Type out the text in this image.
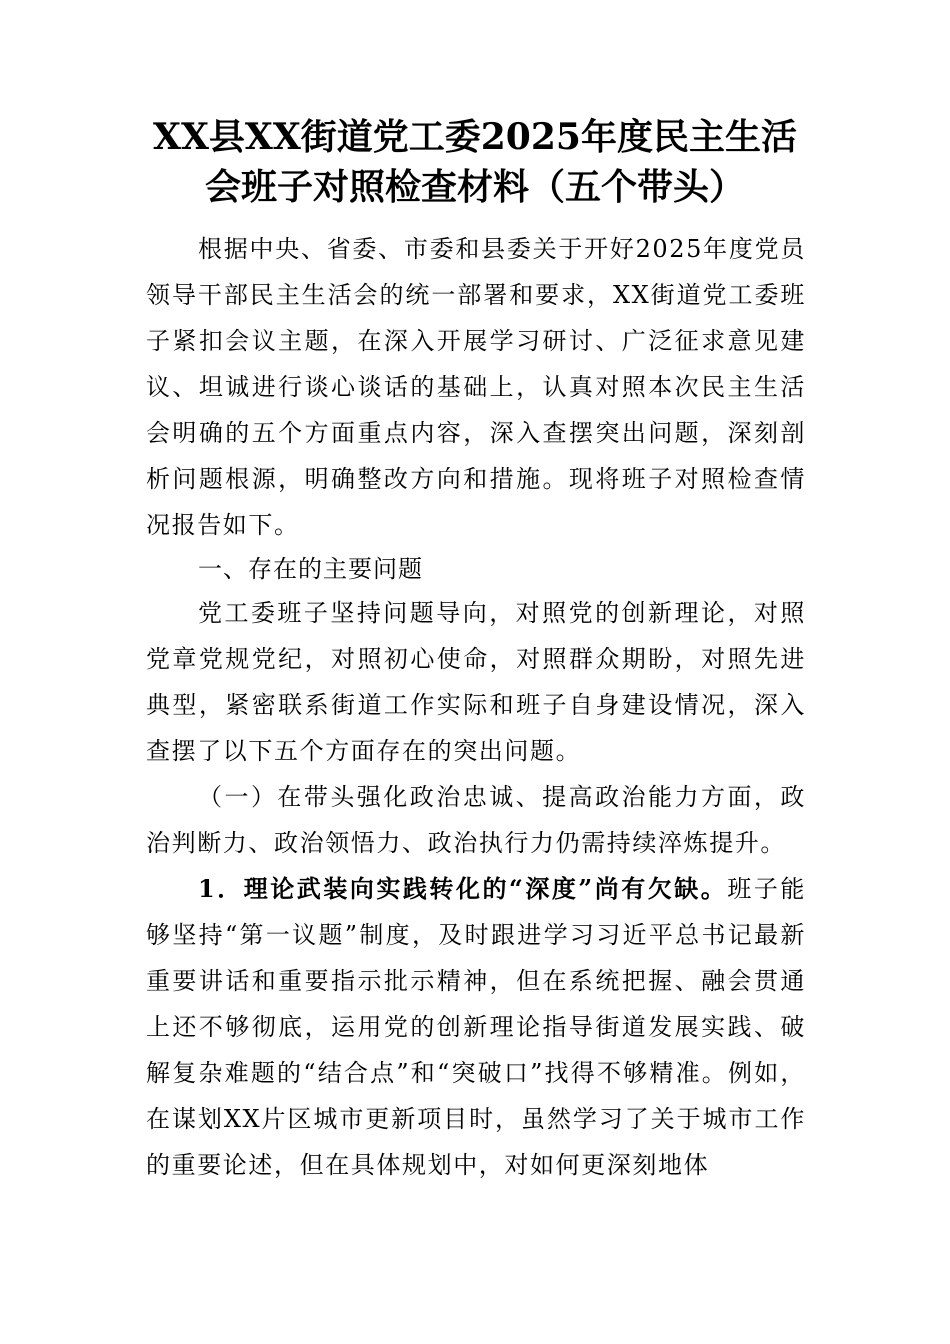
XX县XX街道党工委2025年度民主生活
会班子对照检查材料（五个带头）

根据中央、省委、市委和县委关于开好2025年度党员领导干部民主生活会的统一部署和要求，XX街道党工委班子紧扣会议主题，在深入开展学习研讨、广泛征求意见建议、坦诚进行谈心谈话的基础上，认真对照本次民主生活会明确的五个方面重点内容，深入查摆突出问题，深刻剖析问题根源，明确整改方向和措施。现将班子对照检查情况报告如下。

一、存在的主要问题

党工委班子坚持问题导向，对照党的创新理论，对照党章党规党纪，对照初心使命，对照群众期盼，对照先进典型，紧密联系街道工作实际和班子自身建设情况，深入查摆了以下五个方面存在的突出问题。

（一）在带头强化政治忠诚、提高政治能力方面，政治判断力、政治领悟力、政治执行力仍需持续淬炼提升。

1．理论武装向实践转化的“深度”尚有欠缺。班子能够坚持“第一议题”制度，及时跟进学习习近平总书记最新重要讲话和重要指示批示精神，但在系统把握、融会贯通上还不够彻底，运用党的创新理论指导街道发展实践、破解复杂难题的“结合点”和“突破口”找得不够精准。例如，在谋划XX片区城市更新项目时，虽然学习了关于城市工作的重要论述，但在具体规划中，对如何更深刻地体
